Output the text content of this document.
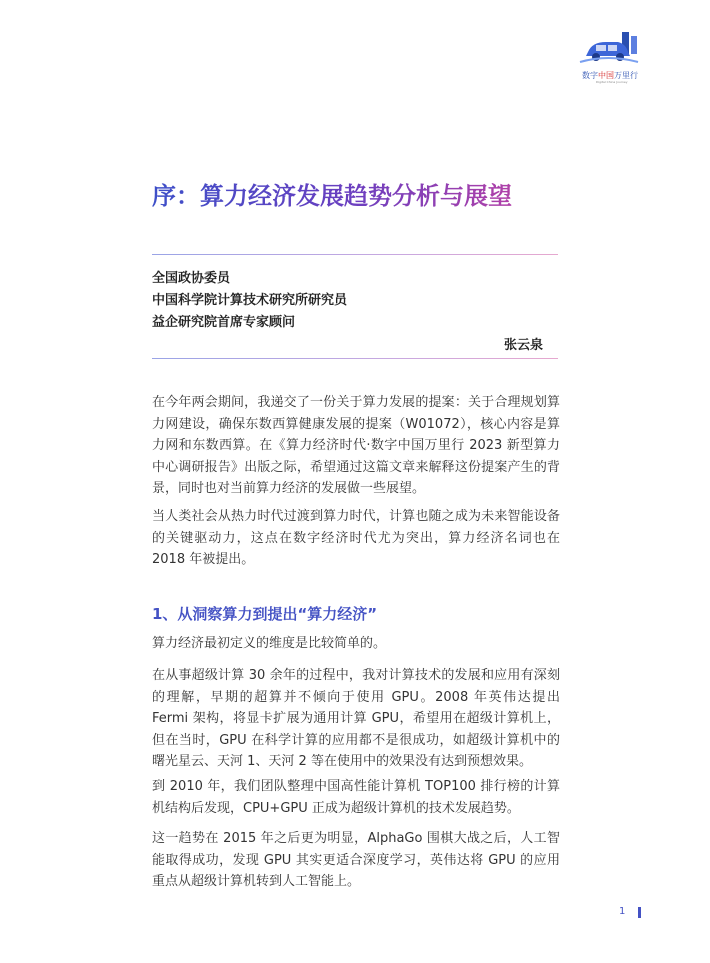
数字中国万里行
Digital China Journey
序：算力经济发展趋势分析与展望
全国政协委员
中国科学院计算技术研究所研究员
益企研究院首席专家顾问
张云泉

在今年两会期间，我递交了一份关于算力发展的提案：关于合理规划算力网建设，确保东数西算健康发展的提案（W01072），核心内容是算力网和东数西算。在《算力经济时代·数字中国万里行 2023 新型算力中心调研报告》出版之际，希望通过这篇文章来解释这份提案产生的背景，同时也对当前算力经济的发展做一些展望。

当人类社会从热力时代过渡到算力时代，计算也随之成为未来智能设备的关键驱动力，这点在数字经济时代尤为突出，算力经济名词也在 2018 年被提出。

1、从洞察算力到提出“算力经济”

算力经济最初定义的维度是比较简单的。

在从事超级计算 30 余年的过程中，我对计算技术的发展和应用有深刻的理解，早期的超算并不倾向于使用 GPU。2008 年英伟达提出 Fermi 架构，将显卡扩展为通用计算 GPU，希望用在超级计算机上，但在当时，GPU 在科学计算的应用都不是很成功，如超级计算机中的曙光星云、天河 1、天河 2 等在使用中的效果没有达到预想效果。

到 2010 年，我们团队整理中国高性能计算机 TOP100 排行榜的计算机结构后发现，CPU+GPU 正成为超级计算机的技术发展趋势。

这一趋势在 2015 年之后更为明显，AlphaGo 围棋大战之后，人工智能取得成功，发现 GPU 其实更适合深度学习，英伟达将 GPU 的应用重点从超级计算机转到人工智能上。

1
